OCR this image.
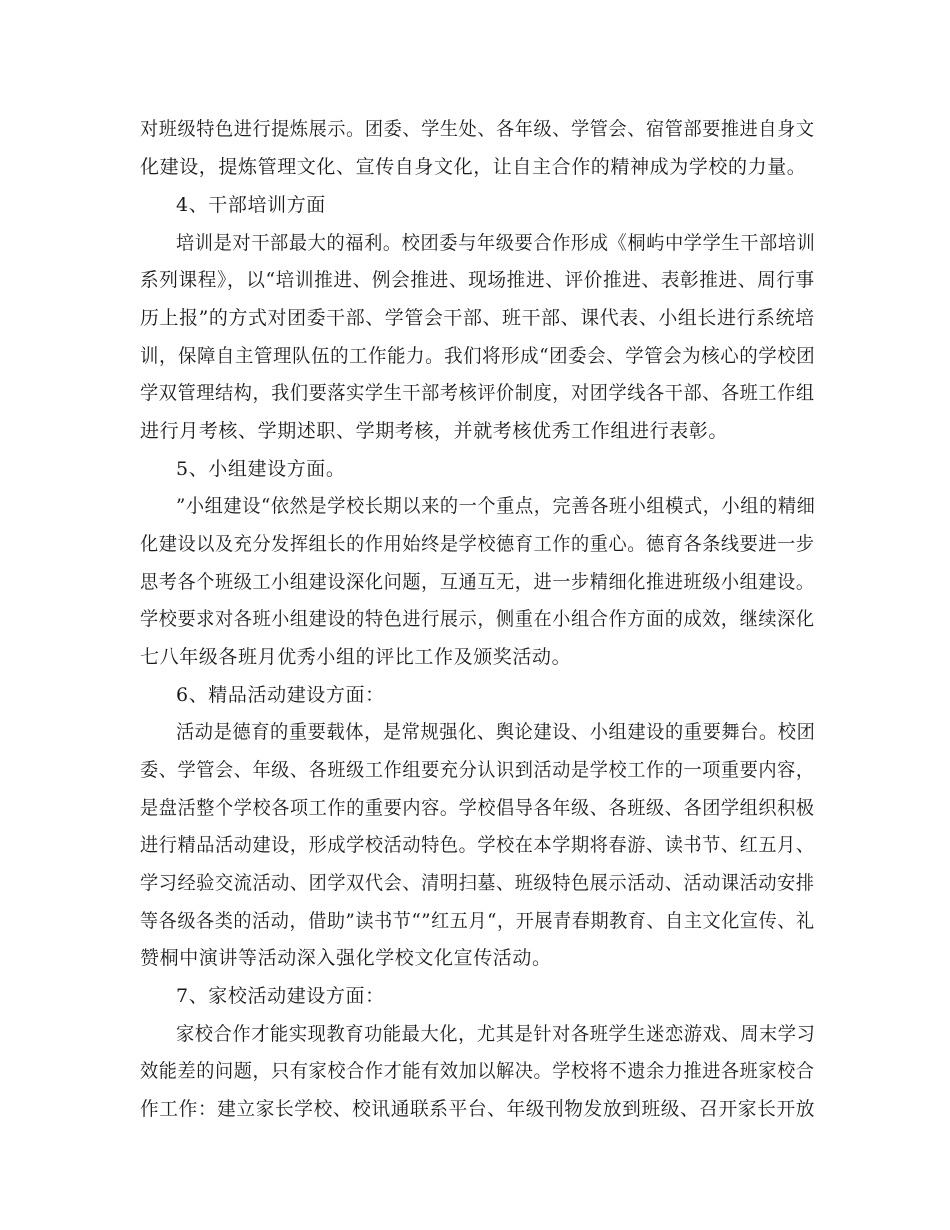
对班级特色进行提炼展示。团委、学生处、各年级、学管会、宿管部要推进自身文
化建设，提炼管理文化、宣传自身文化，让自主合作的精神成为学校的力量。
4、干部培训方面
培训是对干部最大的福利。校团委与年级要合作形成《桐屿中学学生干部培训
系列课程》，以“培训推进、例会推进、现场推进、评价推进、表彰推进、周行事
历上报”的方式对团委干部、学管会干部、班干部、课代表、小组长进行系统培
训，保障自主管理队伍的工作能力。我们将形成“团委会、学管会为核心的学校团
学双管理结构，我们要落实学生干部考核评价制度，对团学线各干部、各班工作组
进行月考核、学期述职、学期考核，并就考核优秀工作组进行表彰。
5、小组建设方面。
”小组建设“依然是学校长期以来的一个重点，完善各班小组模式，小组的精细
化建设以及充分发挥组长的作用始终是学校德育工作的重心。德育各条线要进一步
思考各个班级工小组建设深化问题，互通互无，进一步精细化推进班级小组建设。
学校要求对各班小组建设的特色进行展示，侧重在小组合作方面的成效，继续深化
七八年级各班月优秀小组的评比工作及颁奖活动。
6、精品活动建设方面：
活动是德育的重要载体，是常规强化、舆论建设、小组建设的重要舞台。校团
委、学管会、年级、各班级工作组要充分认识到活动是学校工作的一项重要内容，
是盘活整个学校各项工作的重要内容。学校倡导各年级、各班级、各团学组织积极
进行精品活动建设，形成学校活动特色。学校在本学期将春游、读书节、红五月、
学习经验交流活动、团学双代会、清明扫墓、班级特色展示活动、活动课活动安排
等各级各类的活动，借助”读书节“”红五月“，开展青春期教育、自主文化宣传、礼
赞桐中演讲等活动深入强化学校文化宣传活动。
7、家校活动建设方面：
家校合作才能实现教育功能最大化，尤其是针对各班学生迷恋游戏、周末学习
效能差的问题，只有家校合作才能有效加以解决。学校将不遗余力推进各班家校合
作工作：建立家长学校、校讯通联系平台、年级刊物发放到班级、召开家长开放
